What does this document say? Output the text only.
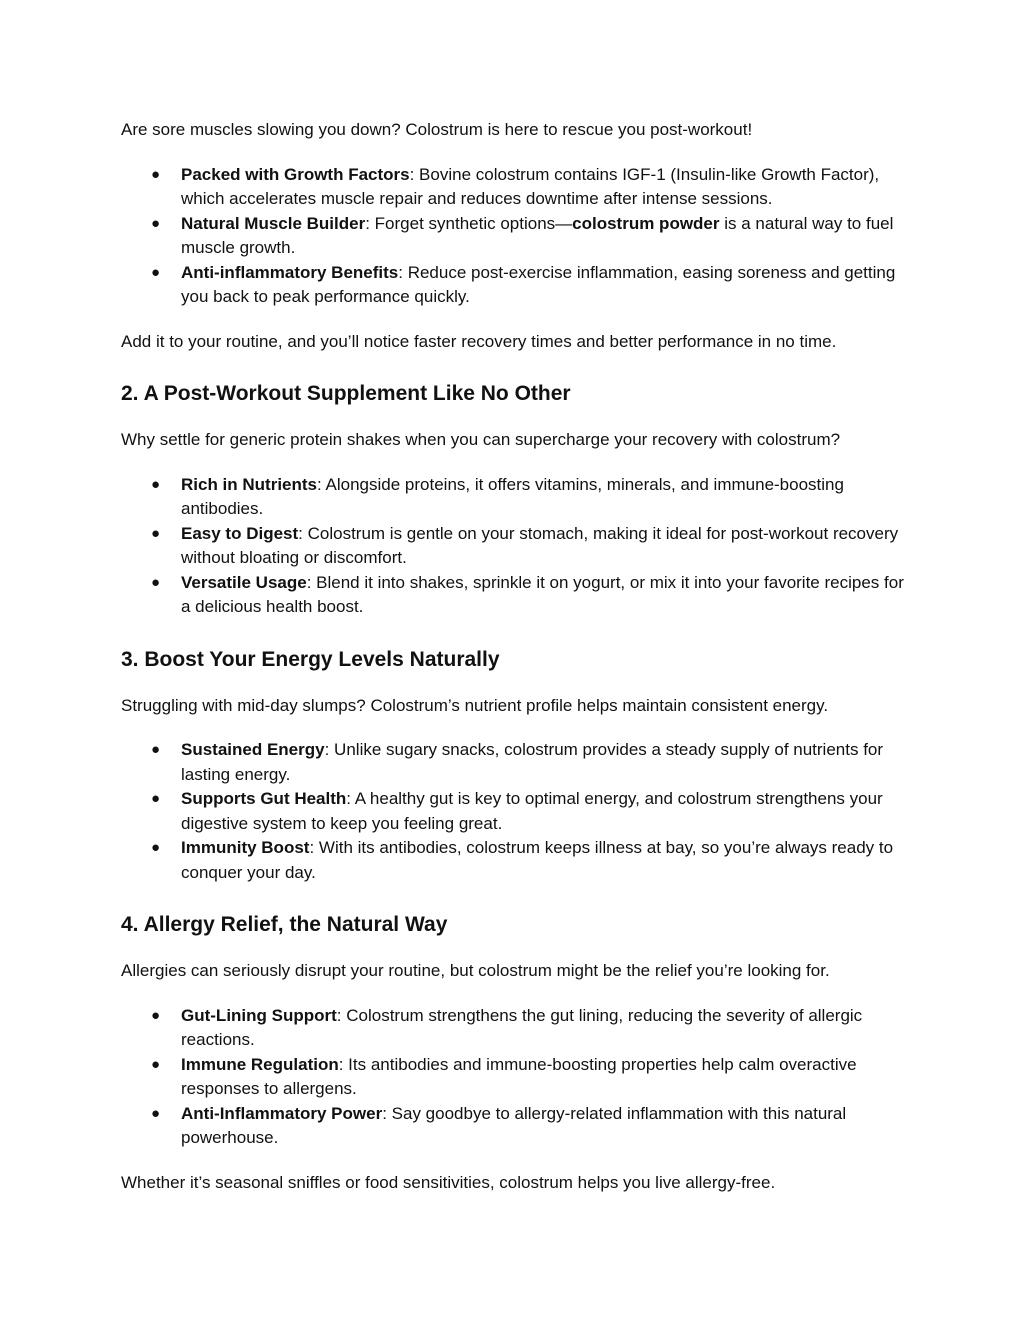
Are sore muscles slowing you down? Colostrum is here to rescue you post-workout!

● Packed with Growth Factors: Bovine colostrum contains IGF-1 (Insulin-like Growth Factor), which accelerates muscle repair and reduces downtime after intense sessions.
● Natural Muscle Builder: Forget synthetic options—colostrum powder is a natural way to fuel muscle growth.
● Anti-inflammatory Benefits: Reduce post-exercise inflammation, easing soreness and getting you back to peak performance quickly.

Add it to your routine, and you’ll notice faster recovery times and better performance in no time.

2. A Post-Workout Supplement Like No Other

Why settle for generic protein shakes when you can supercharge your recovery with colostrum?

● Rich in Nutrients: Alongside proteins, it offers vitamins, minerals, and immune-boosting antibodies.
● Easy to Digest: Colostrum is gentle on your stomach, making it ideal for post-workout recovery without bloating or discomfort.
● Versatile Usage: Blend it into shakes, sprinkle it on yogurt, or mix it into your favorite recipes for a delicious health boost.
3. Boost Your Energy Levels Naturally

Struggling with mid-day slumps? Colostrum’s nutrient profile helps maintain consistent energy.

● Sustained Energy: Unlike sugary snacks, colostrum provides a steady supply of nutrients for lasting energy.
● Supports Gut Health: A healthy gut is key to optimal energy, and colostrum strengthens your digestive system to keep you feeling great.
● Immunity Boost: With its antibodies, colostrum keeps illness at bay, so you’re always ready to conquer your day.
4. Allergy Relief, the Natural Way

Allergies can seriously disrupt your routine, but colostrum might be the relief you’re looking for.

● Gut-Lining Support: Colostrum strengthens the gut lining, reducing the severity of allergic reactions.
● Immune Regulation: Its antibodies and immune-boosting properties help calm overactive responses to allergens.
● Anti-Inflammatory Power: Say goodbye to allergy-related inflammation with this natural powerhouse.

Whether it’s seasonal sniffles or food sensitivities, colostrum helps you live allergy-free.
